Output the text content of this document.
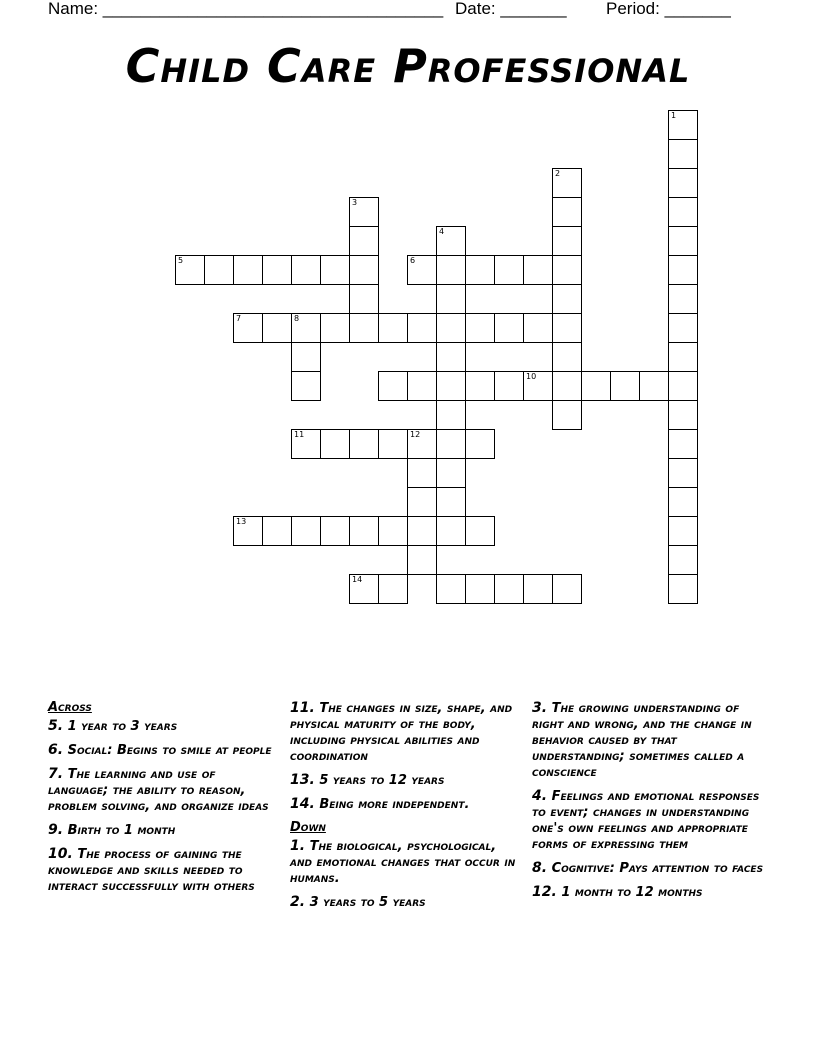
Name: ____________________________________ Date: _______ Period: _______
Child Care Professional
1
2
3
4
5	6
7	8
10
11	12
13
14
Across
5. 1 year to 3 years
6. Social: Begins to smile at people
7. The learning and use of language; the ability to reason, problem solving, and organize ideas
9. Birth to 1 month
10. The process of gaining the knowledge and skills needed to interact successfully with others
11. The changes in size, shape, and physical maturity of the body, including physical abilities and coordination
13. 5 years to 12 years
14. Being more independent.
Down
1. The biological, psychological, and emotional changes that occur in humans.
2. 3 years to 5 years
3. The growing understanding of right and wrong, and the change in behavior caused by that understanding; sometimes called a conscience
4. Feelings and emotional responses to event; changes in understanding one's own feelings and appropriate forms of expressing them
8. Cognitive: Pays attention to faces
12. 1 month to 12 months
